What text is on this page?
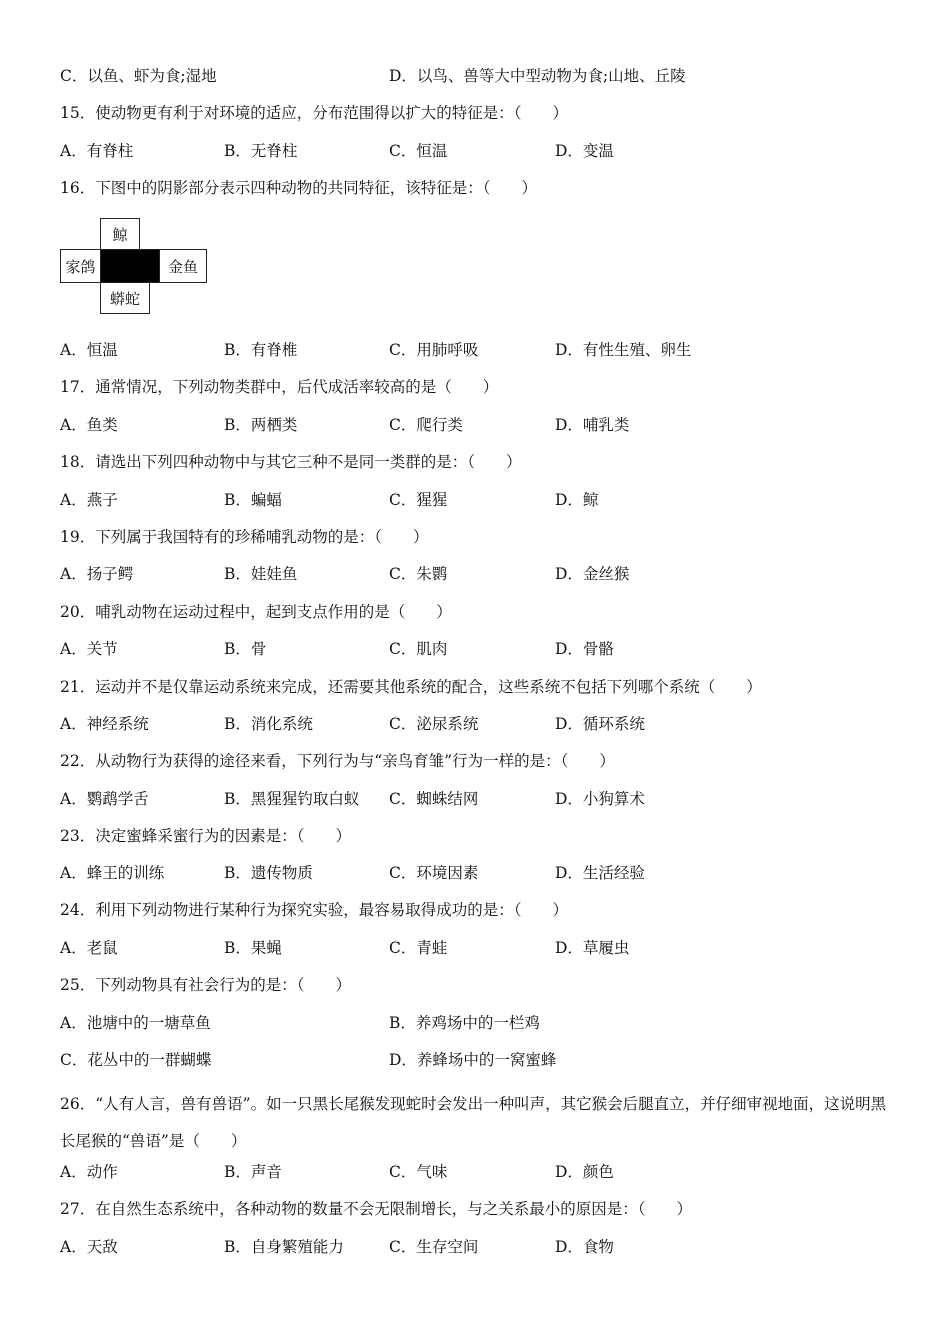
C．以鱼、虾为食;湿地	D．以鸟、兽等大中型动物为食;山地、丘陵
15．使动物更有利于对环境的适应，分布范围得以扩大的特征是：（　　）
A．有脊柱	B．无脊柱	C．恒温	D．变温
16．下图中的阴影部分表示四种动物的共同特征，该特征是：（　　）
鲸
家鸽	金鱼
蟒蛇
A．恒温	B．有脊椎	C．用肺呼吸	D．有性生殖、卵生
17．通常情况，下列动物类群中，后代成活率较高的是（　　）
A．鱼类	B．两栖类	C．爬行类	D．哺乳类
18．请选出下列四种动物中与其它三种不是同一类群的是：（　　）
A．燕子	B．蝙蝠	C．猩猩	D．鲸
19．下列属于我国特有的珍稀哺乳动物的是：（　　）
A．扬子鳄	B．娃娃鱼	C．朱鹮	D．金丝猴
20．哺乳动物在运动过程中，起到支点作用的是（　　）
A．关节	B．骨	C．肌肉	D．骨骼
21．运动并不是仅靠运动系统来完成，还需要其他系统的配合，这些系统不包括下列哪个系统（　　）
A．神经系统	B．消化系统	C．泌尿系统	D．循环系统
22．从动物行为获得的途径来看，下列行为与“亲鸟育雏”行为一样的是：（　　）
A．鹦鹉学舌	B．黑猩猩钓取白蚁 C．蜘蛛结网	D．小狗算术
23．决定蜜蜂采蜜行为的因素是：（　　）
A．蜂王的训练	B．遗传物质	C．环境因素	D．生活经验
24．利用下列动物进行某种行为探究实验，最容易取得成功的是：（　　）
A．老鼠	B．果蝇	C．青蛙	D．草履虫
25．下列动物具有社会行为的是：（　　）
A．池塘中的一塘草鱼	B．养鸡场中的一栏鸡
C．花丛中的一群蝴蝶	D．养蜂场中的一窝蜜蜂
26．“人有人言，兽有兽语”。如一只黑长尾猴发现蛇时会发出一种叫声，其它猴会后腿直立，并仔细审视地面，这说明黑长尾猴的“兽语”是（　　）
A．动作	B．声音	C．气味	D．颜色
27．在自然生态系统中，各种动物的数量不会无限制增长，与之关系最小的原因是：（　　）
A．天敌	B．自身繁殖能力	C．生存空间	D．食物
